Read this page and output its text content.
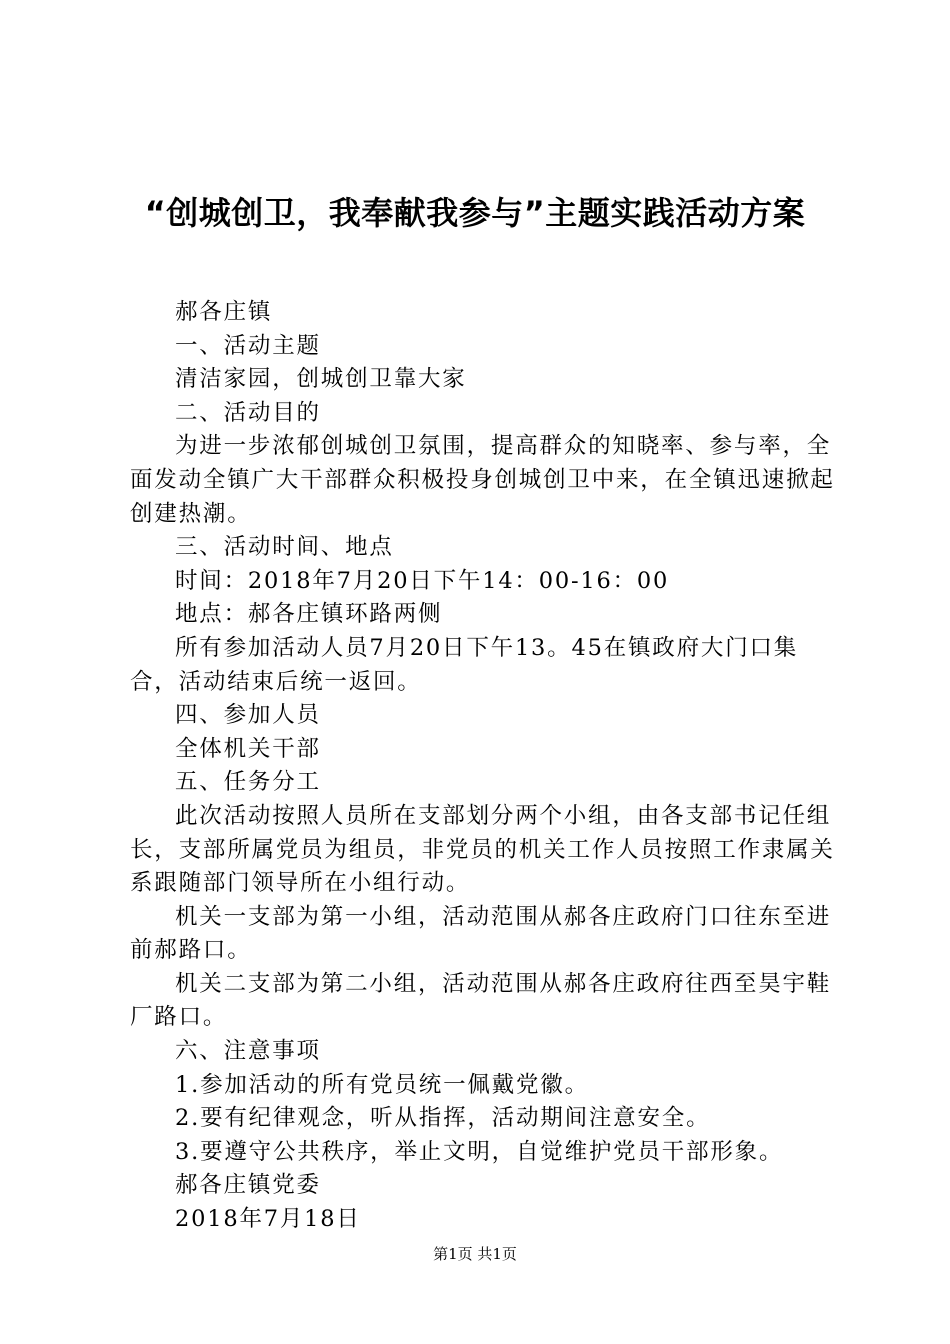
“创城创卫，我奉献我参与”主题实践活动方案

郝各庄镇

一、活动主题

清洁家园，创城创卫靠大家

二、活动目的

为进一步浓郁创城创卫氛围，提高群众的知晓率、参与率，全面发动全镇广大干部群众积极投身创城创卫中来，在全镇迅速掀起创建热潮。

三、活动时间、地点

时间：2018年7月20日下午14：00-16：00

地点：郝各庄镇环路两侧

所有参加活动人员7月20日下午13。45在镇政府大门口集合，活动结束后统一返回。

四、参加人员

全体机关干部

五、任务分工

此次活动按照人员所在支部划分两个小组，由各支部书记任组长，支部所属党员为组员，非党员的机关工作人员按照工作隶属关系跟随部门领导所在小组行动。

机关一支部为第一小组，活动范围从郝各庄政府门口往东至进前郝路口。

机关二支部为第二小组，活动范围从郝各庄政府往西至昊宇鞋厂路口。

六、注意事项

1.参加活动的所有党员统一佩戴党徽。

2.要有纪律观念，听从指挥，活动期间注意安全。

3.要遵守公共秩序，举止文明，自觉维护党员干部形象。

郝各庄镇党委

2018年7月18日

第1页 共1页
